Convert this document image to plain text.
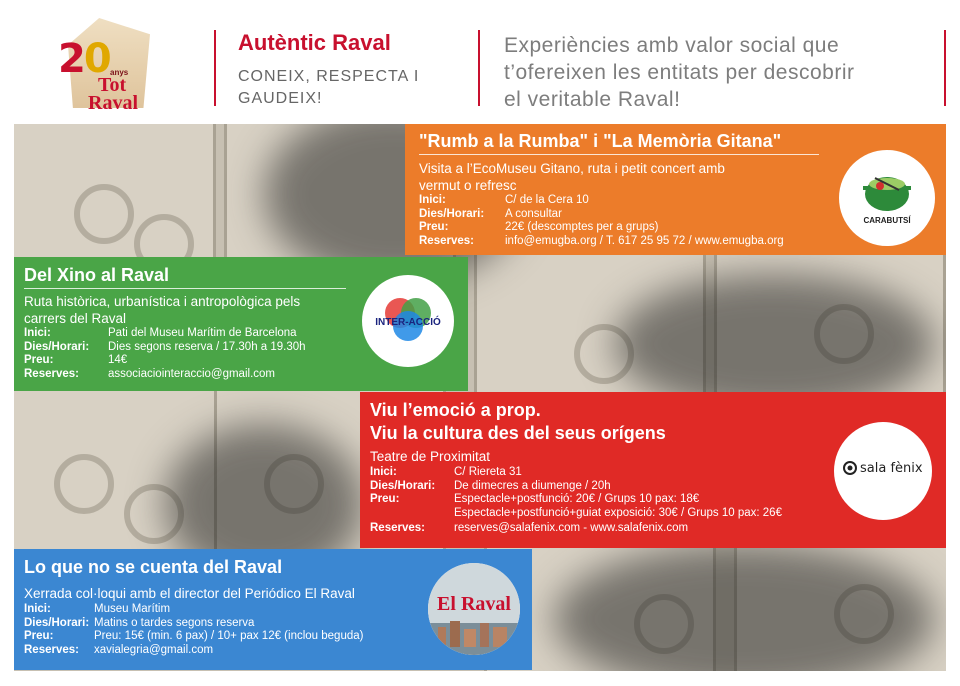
20 anys
Tot
Raval
Autèntic Raval
CONEIX, RESPECTA I
GAUDEIX!
Experiències amb valor social que
t’ofereixen les entitats per descobrir
el veritable Raval!
"Rumb a la Rumba" i "La Memòria Gitana"
Visita a l’EcoMuseu Gitano, ruta i petit concert amb
vermut o refresc
Inici:	C/ de la Cera 10
Dies/Horari:	A consultar
Preu:	22€ (descomptes per a grups)
Reserves:	info@emugba.org / T. 617 25 95 72 / www.emugba.org
CARABUTSÍ
Del Xino al Raval
Ruta històrica, urbanística i antropològica pels
carrers del Raval
Inici:	Pati del Museu Marítim de Barcelona
Dies/Horari:	Dies segons reserva / 17.30h a 19.30h
Preu:	14€
Reserves:	associaciointeraccio@gmail.com
INTER-ACCIÓ
Viu l’emoció a prop.
Viu la cultura des del seus orígens
Teatre de Proximitat
Inici:	C/ Riereta 31
Dies/Horari:	De dimecres a diumenge / 20h
Preu:	Espectacle+postfunció: 20€ / Grups 10 pax: 18€
Espectacle+postfunció+guiat exposició: 30€ / Grups 10 pax: 26€
Reserves:	reserves@salafenix.com - www.salafenix.com
sala fènix
Lo que no se cuenta del Raval
Xerrada col·loqui amb el director del Periódico El Raval
Inici:	Museu Marítim
Dies/Horari: Matins o tardes segons reserva
Preu:	Preu: 15€ (min. 6 pax) / 10+ pax 12€ (inclou beguda)
Reserves:	xavialegria@gmail.com
El Raval
